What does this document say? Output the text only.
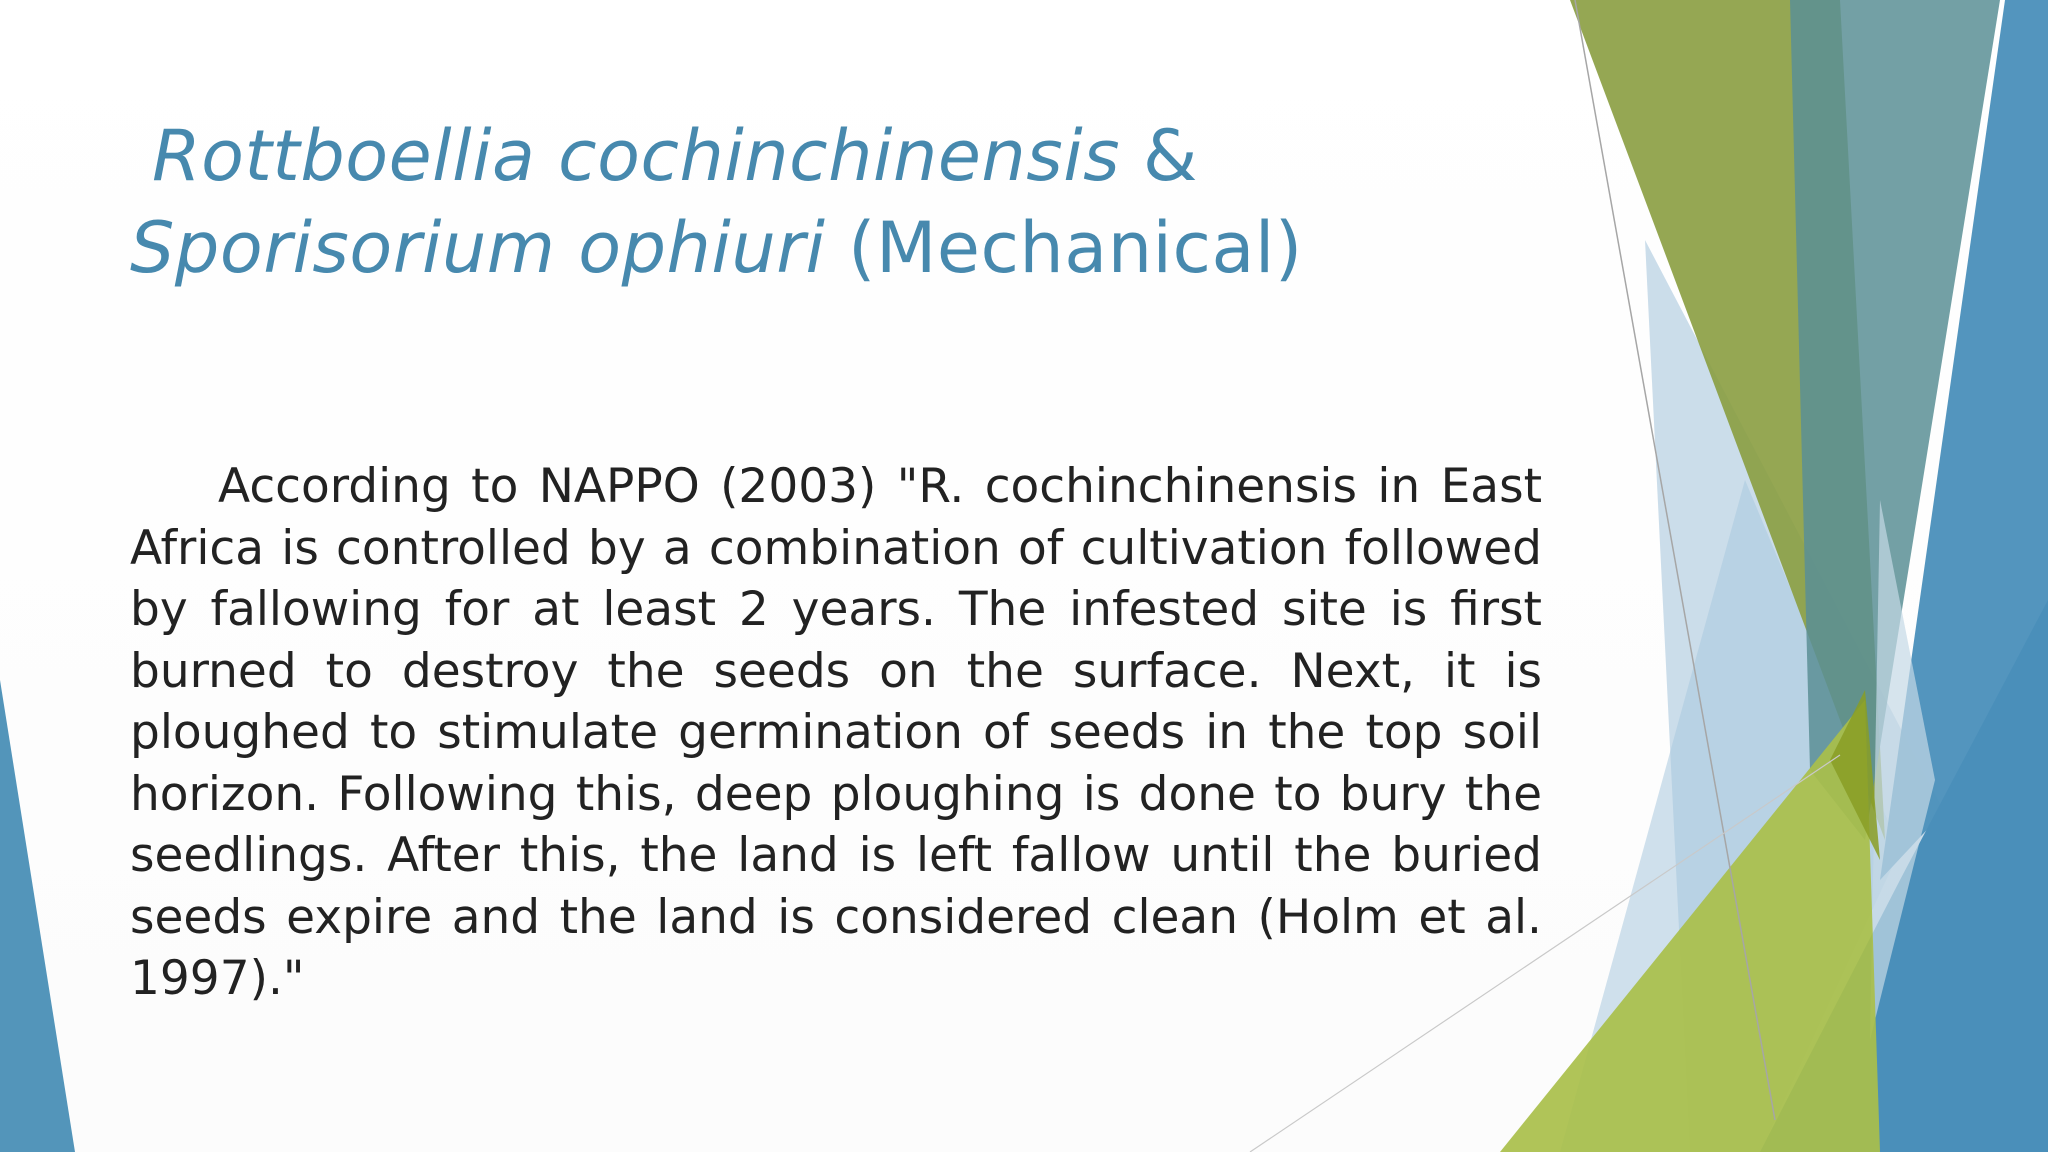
Rottboellia cochinchinensis &
Sporisorium ophiuri (Mechanical)

According to NAPPO (2003) "R. cochinchinensis in East Africa is controlled by a combination of cultivation followed by fallowing for at least 2 years. The infested site is first burned to destroy the seeds on the surface. Next, it is ploughed to stimulate germination of seeds in the top soil horizon. Following this, deep ploughing is done to bury the seedlings. After this, the land is left fallow until the buried seeds expire and the land is considered clean (Holm et al. 1997)."
